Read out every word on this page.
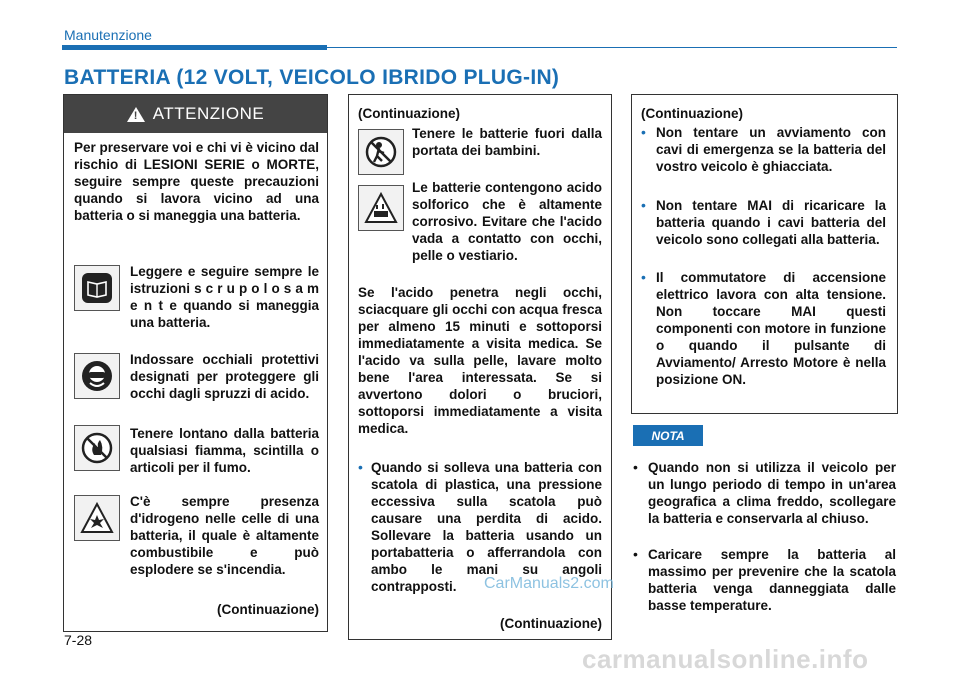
Manutenzione
BATTERIA (12 VOLT, VEICOLO IBRIDO PLUG-IN)
! ATTENZIONE
Per preservare voi e chi vi è vicino dal rischio di LESIONI SERIE o MORTE, seguire sempre queste precauzioni quando si lavora vicino ad una batteria o si maneggia una batteria.
Leggere e seguire sempre le istruzioni s c r u p o l o s a m e n t e quando si maneggia una batteria.
Indossare occhiali protettivi designati per proteggere gli occhi dagli spruzzi di acido.
Tenere lontano dalla batteria qualsiasi fiamma, scintilla o articoli per il fumo.
C'è sempre presenza d'idrogeno nelle celle di una batteria, il quale è altamente combustibile e può esplodere se s'incendia.
(Continuazione)
(Continuazione)
Tenere le batterie fuori dalla portata dei bambini.
Le batterie contengono acido solforico che è altamente corrosivo. Evitare che l'acido vada a contatto con occhi, pelle o vestiario.
Se l'acido penetra negli occhi, sciacquare gli occhi con acqua fresca per almeno 15 minuti e sottoporsi immediatamente a visita medica. Se l'acido va sulla pelle, lavare molto bene l'area interessata. Se si avvertono dolori o bruciori, sottoporsi immediatamente a visita medica.
• Quando si solleva una batteria con scatola di plastica, una pressione eccessiva sulla scatola può causare una perdita di acido. Sollevare la batteria usando un portabatteria o afferrandola con ambo le mani su angoli contrapposti.
(Continuazione)
(Continuazione)
• Non tentare un avviamento con cavi di emergenza se la batteria del vostro veicolo è ghiacciata.
• Non tentare MAI di ricaricare la batteria quando i cavi batteria del veicolo sono collegati alla batteria.
• Il commutatore di accensione elettrico lavora con alta tensione. Non toccare MAI questi componenti con motore in funzione o quando il pulsante di Avviamento/ Arresto Motore è nella posizione ON.
NOTA
• Quando non si utilizza il veicolo per un lungo periodo di tempo in un'area geografica a clima freddo, scollegare la batteria e conservarla al chiuso.
• Caricare sempre la batteria al massimo per prevenire che la scatola batteria venga danneggiata dalle basse temperature.
7-28
CarManuals2.com
carmanualsonline.info
